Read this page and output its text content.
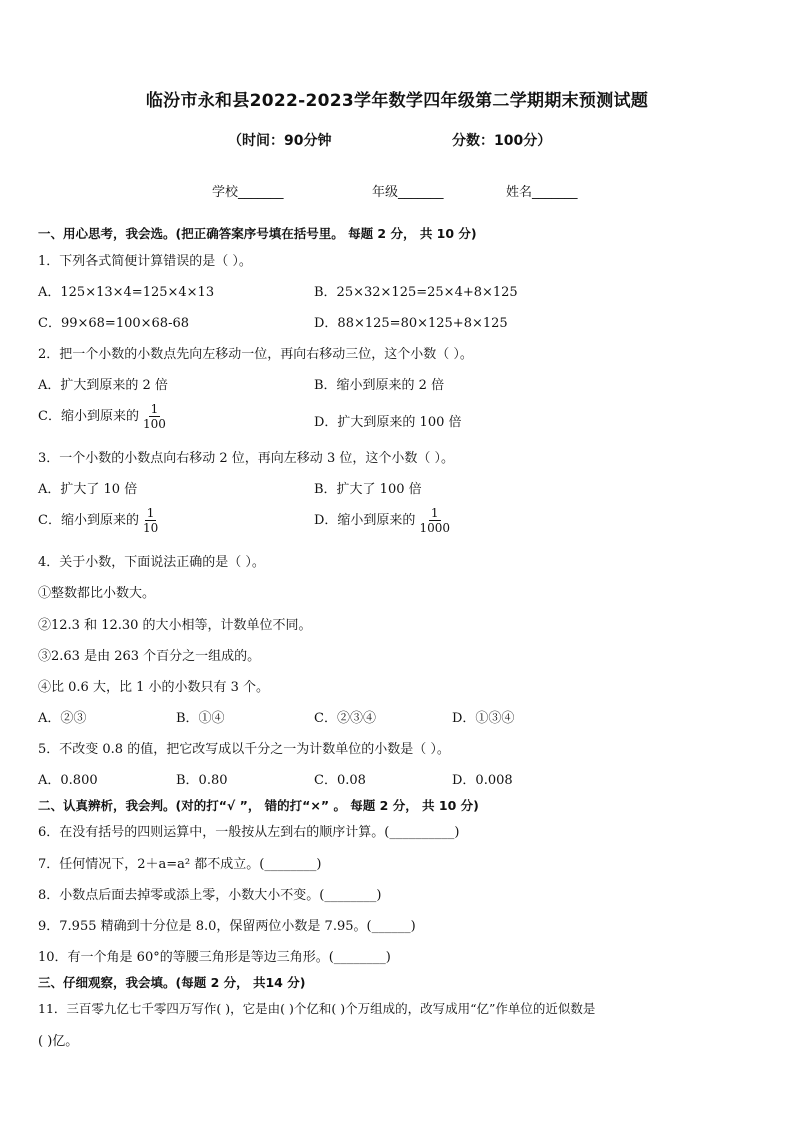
临汾市永和县2022-2023学年数学四年级第二学期期末预测试题
（时间：90分钟	分数：100分）
学校_______	年级_______	姓名_______
一、用心思考，我会选。(把正确答案序号填在括号里。 每题 2 分， 共 10 分)
1．下列各式简便计算错误的是（ ）。
A．125×13×4=125×4×13	B．25×32×125=25×4+8×125
C．99×68=100×68-68	D．88×125=80×125+8×125
2．把一个小数的小数点先向左移动一位，再向右移动三位，这个小数（ ）。
A．扩大到原来的 2 倍	B．缩小到原来的 2 倍
C．缩小到原来的 $\frac{1}{100}$	D．扩大到原来的 100 倍
3．一个小数的小数点向右移动 2 位，再向左移动 3 位，这个小数（ ）。
A．扩大了 10 倍	B．扩大了 100 倍
C．缩小到原来的 $\frac{1}{10}$	D．缩小到原来的 $\frac{1}{1000}$
4．关于小数，下面说法正确的是（ ）。
①整数都比小数大。
②12.3 和 12.30 的大小相等，计数单位不同。
③2.63 是由 263 个百分之一组成的。
④比 0.6 大，比 1 小的小数只有 3 个。
A．②③	B．①④	C．②③④	D．①③④
5．不改变 0.8 的值，把它改写成以千分之一为计数单位的小数是（ ）。
A．0.800	B．0.80	C．0.08	D．0.008
二、认真辨析，我会判。(对的打“√ ”， 错的打“×” 。 每题 2 分， 共 10 分)
6．在没有括号的四则运算中，一般按从左到右的顺序计算。(__________)
7．任何情况下，2＋a=a² 都不成立。(________)
8．小数点后面去掉零或添上零，小数大小不变。(________)
9．7.955 精确到十分位是 8.0，保留两位小数是 7.95。(______)
10．有一个角是 60°的等腰三角形是等边三角形。(________)
三、仔细观察，我会填。(每题 2 分， 共14 分)
11．三百零九亿七千零四万写作( )，它是由( )个亿和( )个万组成的，改写成用“亿”作单位的近似数是
( )亿。
